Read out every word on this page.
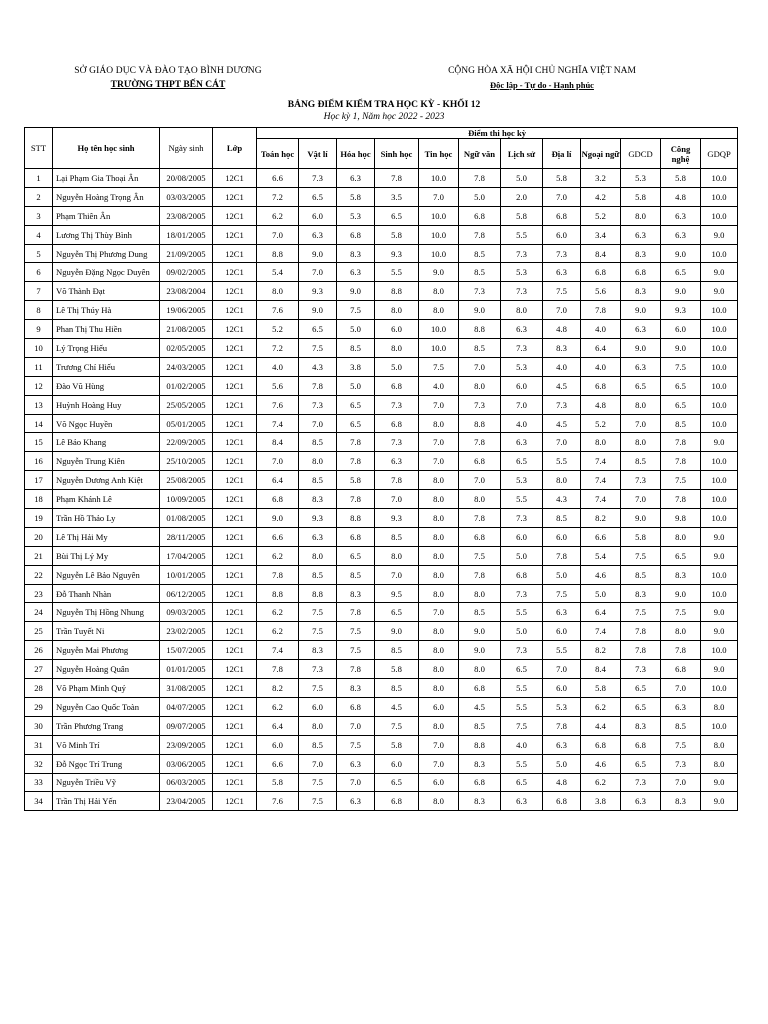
SỞ GIÁO DỤC VÀ ĐÀO TẠO BÌNH DƯƠNG
TRƯỜNG THPT BẾN CÁT
CỘNG HÒA XÃ HỘI CHỦ NGHĨA VIỆT NAM
Độc lập - Tự do - Hạnh phúc
BẢNG ĐIỂM KIỂM TRA HỌC KỲ - KHỐI 12
Học kỳ 1, Năm học 2022 - 2023
STT	Họ tên học sinh	Ngày sinh	Lớp	Điểm thi học kỳ											
				Toán học	Vật lí	Hóa học	Sinh học	Tin học	Ngữ văn	Lịch sử	Địa lí	Ngoại ngữ	GDCD	Công nghệ	GDQP
1	Lại Phạm Gia Thoại Ân	20/08/2005	12C1	6.6	7.3	6.3	7.8	10.0	7.8	5.0	5.8	3.2	5.3	5.8	10.0
2	Nguyễn Hoàng Trọng Ân	03/03/2005	12C1	7.2	6.5	5.8	3.5	7.0	5.0	2.0	7.0	4.2	5.8	4.8	10.0
3	Phạm Thiên Ân	23/08/2005	12C1	6.2	6.0	5.3	6.5	10.0	6.8	5.8	6.8	5.2	8.0	6.3	10.0
4	Lương Thị Thùy Bình	18/01/2005	12C1	7.0	6.3	6.8	5.8	10.0	7.8	5.5	6.0	3.4	6.3	6.3	9.0
5	Nguyễn Thị Phương Dung	21/09/2005	12C1	8.8	9.0	8.3	9.3	10.0	8.5	7.3	7.3	8.4	8.3	9.0	10.0
6	Nguyễn Đặng Ngọc Duyên	09/02/2005	12C1	5.4	7.0	6.3	5.5	9.0	8.5	5.3	6.3	6.8	6.8	6.5	9.0
7	Võ Thành Đạt	23/08/2004	12C1	8.0	9.3	9.0	8.8	8.0	7.3	7.3	7.5	5.6	8.3	9.0	9.0
8	Lê Thị Thúy Hà	19/06/2005	12C1	7.6	9.0	7.5	8.0	8.0	9.0	8.0	7.0	7.8	9.0	9.3	10.0
9	Phan Thị Thu Hiền	21/08/2005	12C1	5.2	6.5	5.0	6.0	10.0	8.8	6.3	4.8	4.0	6.3	6.0	10.0
10	Lý Trọng Hiếu	02/05/2005	12C1	7.2	7.5	8.5	8.0	10.0	8.5	7.3	8.3	6.4	9.0	9.0	10.0
11	Trương Chí Hiếu	24/03/2005	12C1	4.0	4.3	3.8	5.0	7.5	7.0	5.3	4.0	4.0	6.3	7.5	10.0
12	Đào Vũ Hùng	01/02/2005	12C1	5.6	7.8	5.0	6.8	4.0	8.0	6.0	4.5	6.8	6.5	6.5	10.0
13	Huỳnh Hoàng Huy	25/05/2005	12C1	7.6	7.3	6.5	7.3	7.0	7.3	7.0	7.3	4.8	8.0	6.5	10.0
14	Võ Ngọc Huyền	05/01/2005	12C1	7.4	7.0	6.5	6.8	8.0	8.8	4.0	4.5	5.2	7.0	8.5	10.0
15	Lê Bảo Khang	22/09/2005	12C1	8.4	8.5	7.8	7.3	7.0	7.8	6.3	7.0	8.0	8.0	7.8	9.0
16	Nguyễn Trung Kiên	25/10/2005	12C1	7.0	8.0	7.8	6.3	7.0	6.8	6.5	5.5	7.4	8.5	7.8	10.0
17	Nguyễn Dương Anh Kiệt	25/08/2005	12C1	6.4	8.5	5.8	7.8	8.0	7.0	5.3	8.0	7.4	7.3	7.5	10.0
18	Phạm Khánh Lê	10/09/2005	12C1	6.8	8.3	7.8	7.0	8.0	8.0	5.5	4.3	7.4	7.0	7.8	10.0
19	Trần Hồ Thảo Ly	01/08/2005	12C1	9.0	9.3	8.8	9.3	8.0	7.8	7.3	8.5	8.2	9.0	9.8	10.0
20	Lê Thị Hải My	28/11/2005	12C1	6.6	6.3	6.8	8.5	8.0	6.8	6.0	6.0	6.6	5.8	8.0	9.0
21	Bùi Thị Lý My	17/04/2005	12C1	6.2	8.0	6.5	8.0	8.0	7.5	5.0	7.8	5.4	7.5	6.5	9.0
22	Nguyễn Lê Bảo Nguyên	10/01/2005	12C1	7.8	8.5	8.5	7.0	8.0	7.8	6.8	5.0	4.6	8.5	8.3	10.0
23	Đỗ Thanh Nhàn	06/12/2005	12C1	8.8	8.8	8.3	9.5	8.0	8.0	7.3	7.5	5.0	8.3	9.0	10.0
24	Nguyễn Thị Hồng Nhung	09/03/2005	12C1	6.2	7.5	7.8	6.5	7.0	8.5	5.5	6.3	6.4	7.5	7.5	9.0
25	Trần Tuyết Ni	23/02/2005	12C1	6.2	7.5	7.5	9.0	8.0	9.0	5.0	6.0	7.4	7.8	8.0	9.0
26	Nguyễn Mai Phương	15/07/2005	12C1	7.4	8.3	7.5	8.5	8.0	9.0	7.3	5.5	8.2	7.8	7.8	10.0
27	Nguyễn Hoàng Quân	01/01/2005	12C1	7.8	7.3	7.8	5.8	8.0	8.0	6.5	7.0	8.4	7.3	6.8	9.0
28	Võ Phạm Minh Quý	31/08/2005	12C1	8.2	7.5	8.3	8.5	8.0	6.8	5.5	6.0	5.8	6.5	7.0	10.0
29	Nguyễn Cao Quốc Toàn	04/07/2005	12C1	6.2	6.0	6.8	4.5	6.0	4.5	5.5	5.3	6.2	6.5	6.3	8.0
30	Trần Phương Trang	09/07/2005	12C1	6.4	8.0	7.0	7.5	8.0	8.5	7.5	7.8	4.4	8.3	8.5	10.0
31	Võ Minh Trí	23/09/2005	12C1	6.0	8.5	7.5	5.8	7.0	8.8	4.0	6.3	6.8	6.8	7.5	8.0
32	Đỗ Ngọc Trí Trung	03/06/2005	12C1	6.6	7.0	6.3	6.0	7.0	8.3	5.5	5.0	4.6	6.5	7.3	8.0
33	Nguyễn Triều Vỹ	06/03/2005	12C1	5.8	7.5	7.0	6.5	6.0	6.8	6.5	4.8	6.2	7.3	7.0	9.0
34	Trần Thị Hải Yến	23/04/2005	12C1	7.6	7.5	6.3	6.8	8.0	8.3	6.3	6.8	3.8	6.3	8.3	9.0
